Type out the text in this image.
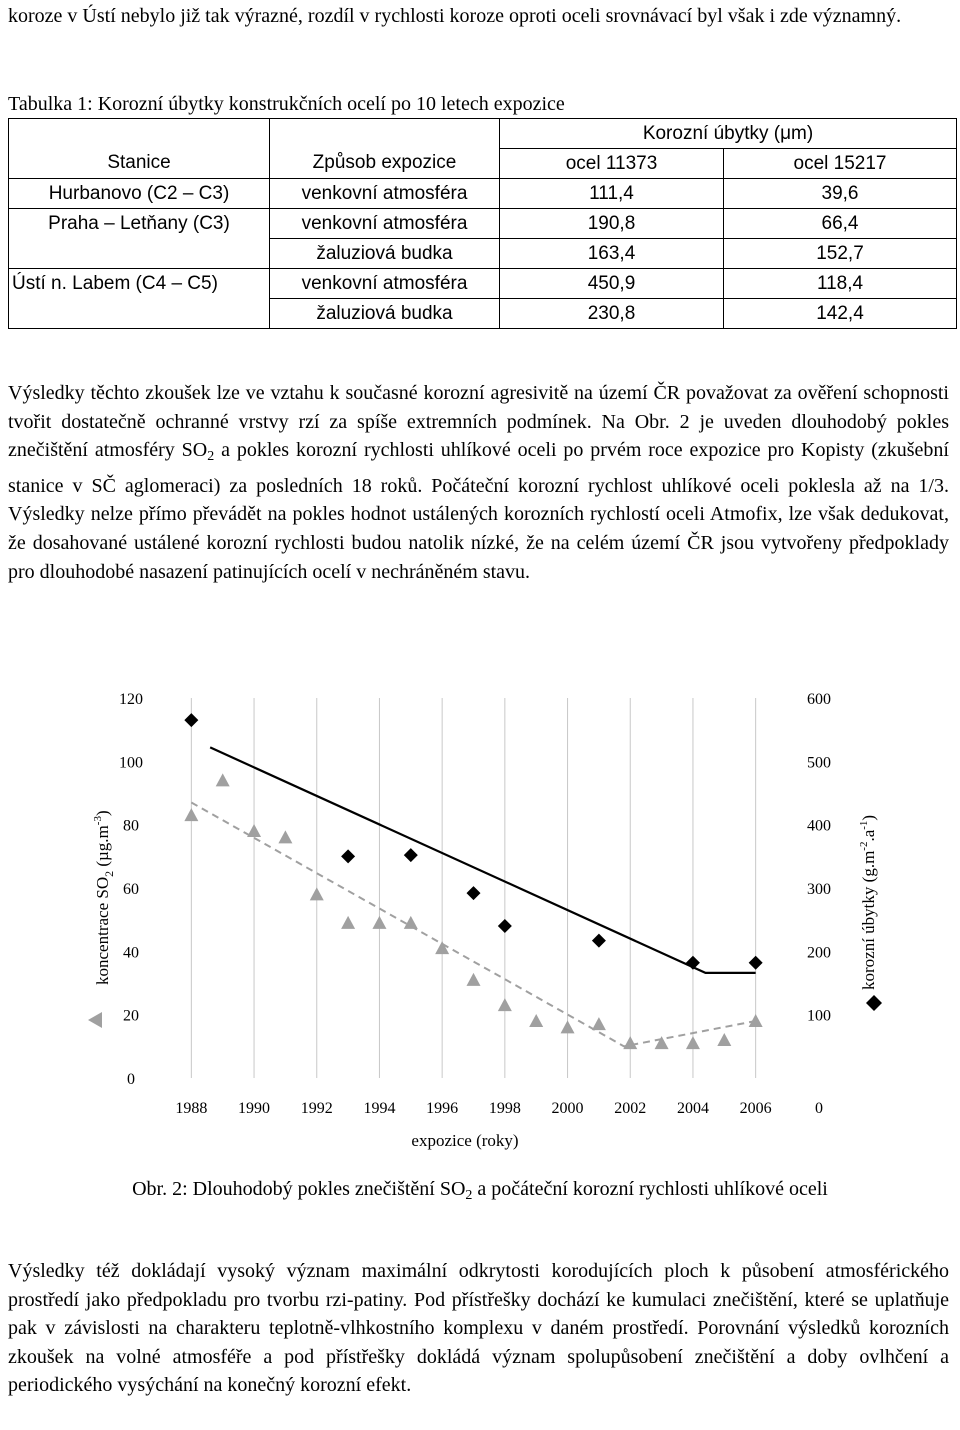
koroze v Ústí nebylo již tak výrazné, rozdíl v rychlosti koroze oproti oceli srovnávací byl však i zde významný.

Tabulka 1: Korozní úbytky konstrukčních ocelí po 10 letech expozice
		Korozní úbytky (μm)	
Stanice	Způsob expozice	ocel 11373	ocel 15217
Hurbanovo (C2 – C3)	venkovní atmosféra	111,4	39,6
Praha – Letňany (C3)	venkovní atmosféra	190,8	66,4
	žaluziová budka	163,4	152,7
Ústí n. Labem (C4 – C5)	venkovní atmosféra	450,9	118,4
	žaluziová budka	230,8	142,4

Výsledky těchto zkoušek lze ve vztahu k současné korozní agresivitě na území ČR považovat za ověření schopnosti tvořit dostatečně ochranné vrstvy rzí za spíše extremních podmínek. Na Obr. 2 je uveden dlouhodobý pokles znečištění atmosféry $SO_2$ a pokles korozní rychlosti uhlíkové oceli po prvém roce expozice pro Kopisty (zkušební stanice v SČ aglomeraci) za posledních 18 roků. Počáteční korozní rychlost uhlíkové oceli poklesla až na 1/3. Výsledky nelze přímo převádět na pokles hodnot ustálených korozních rychlostí oceli Atmofix, lze však dedukovat, že dosahované ustálené korozní rychlosti budou natolik nízké, že na celém území ČR jsou vytvořeny předpoklady pro dlouhodobé nasazení patinujících ocelí v nechráněném stavu.

1988 1990 1992 1994 1996 1998 2000 2002 2004 2006
120
100
80
60
40
20
0
600
500
400
300
200
100
0
expozice (roky)
koncentrace $SO_2$ $(\mu g.m^{-3})$
korozní úbytky $(g.m^{-2}.a^{-1})$
Obr. 2: Dlouhodobý pokles znečištění $SO_2$ a počáteční korozní rychlosti uhlíkové oceli

Výsledky též dokládají vysoký význam maximální odkrytosti korodujících ploch k působení atmosférického prostředí jako předpokladu pro tvorbu rzi-patiny. Pod přístřešky dochází ke kumulaci znečištění, které se uplatňuje pak v závislosti na charakteru teplotně-vlhkostního komplexu v daném prostředí. Porovnání výsledků korozních zkoušek na volné atmosféře a pod přístřešky dokládá význam spolupůsobení znečištění a doby ovlhčení a periodického vysýchání na konečný korozní efekt.
